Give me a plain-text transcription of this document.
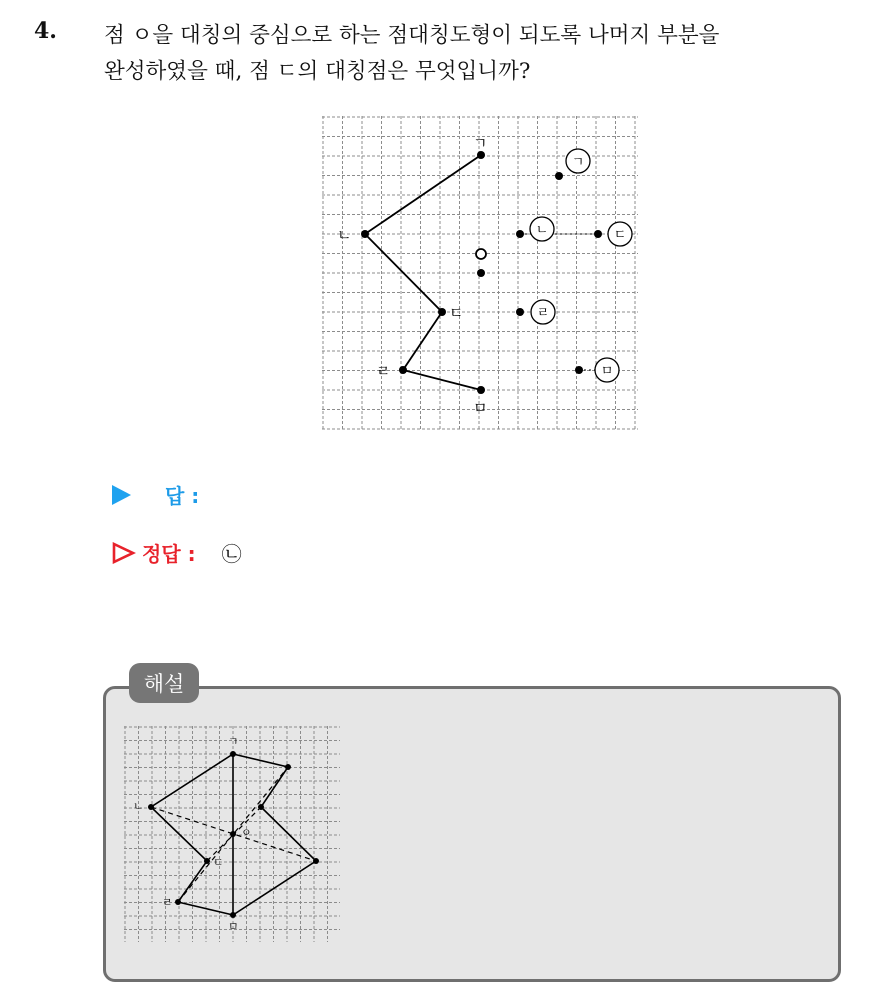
4. 점 ㅇ을 대칭의 중심으로 하는 점대칭도형이 되도록 나머지 부분을
완성하였을 때, 점 ㄷ의 대칭점은 무엇입니까?
ㄱ
ㄴ
ㅇ
ㄷ
ㄹ
ㅁ
ㄱ
ㄴ	ㄷ
ㄹ
ㅁ
답 :
정답 : ㉡
해설
ㄱ
ㄴ
ㅇ
ㄷ
ㄹ
ㅁ
